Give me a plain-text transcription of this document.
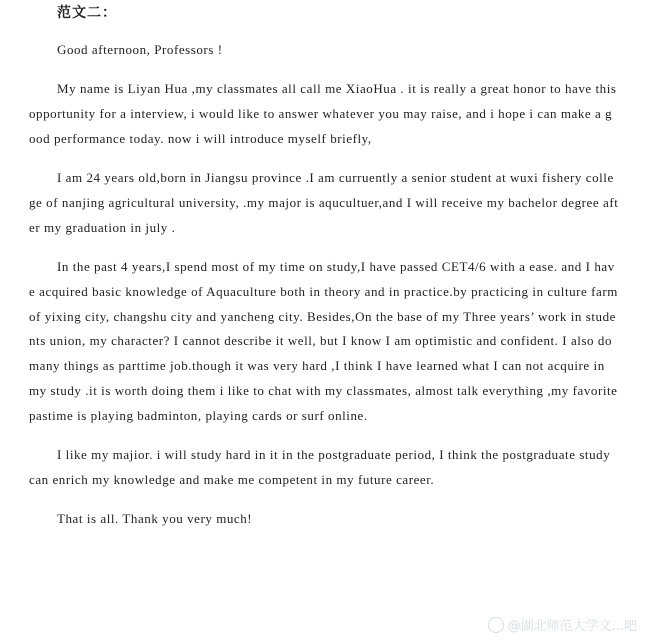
范文二：

Good afternoon, Professors !

My name is Liyan Hua ,my classmates all call me XiaoHua . it is really a great honor to have this opportunity for a interview, i would like to answer whatever you may raise, and i hope i can make a good performance today. now i will introduce myself briefly,

I am 24 years old,born in Jiangsu province .I am curruently a senior student at wuxi fishery college of nanjing agricultural university, .my major is aqucultuer,and I will receive my bachelor degree after my graduation in july .

In the past 4 years,I spend most of my time on study,I have passed CET4/6 with a ease. and I have acquired basic knowledge of Aquaculture both in theory and in practice.by practicing in culture farm of yixing city, changshu city and yancheng city. Besides,On the base of my Three years’ work in students union, my character? I cannot describe it well, but I know I am optimistic and confident. I also do many things as parttime job.though it was very hard ,I think I have learned what I can not acquire in my study .it is worth doing them i like to chat with my classmates, almost talk everything ,my favorite pastime is playing badminton, playing cards or surf online.

I like my majior. i will study hard in it in the postgraduate period, I think the postgraduate study can enrich my knowledge and make me competent in my future career.

That is all. Thank you very much!

@湖北师范大学文...吧
